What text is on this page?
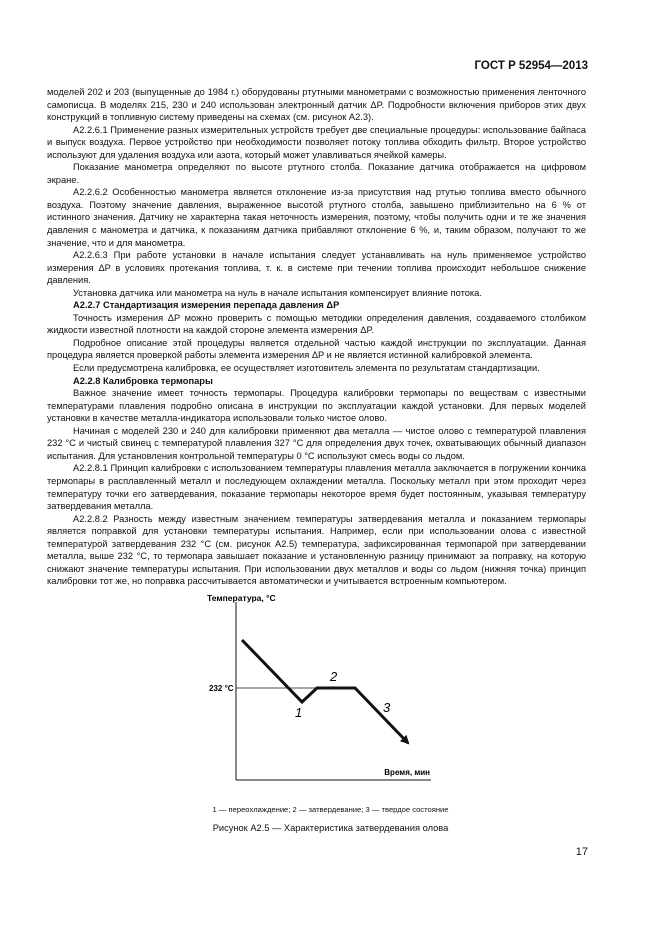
ГОСТ Р 52954—2013

моделей 202 и 203 (выпущенные до 1984 г.) оборудованы ртутными манометрами с возможностью применения ленточного самописца. В моделях 215, 230 и 240 использован электронный датчик ΔP. Подробности включения приборов этих двух конструкций в топливную систему приведены на схемах (см. рисунок А2.3).

А2.2.6.1 Применение разных измерительных устройств требует две специальные процедуры: использование байпаса и выпуск воздуха. Первое устройство при необходимости позволяет потоку топлива обходить фильтр. Второе устройство используют для удаления воздуха или азота, который может улавливаться ячейкой камеры.

Показание манометра определяют по высоте ртутного столба. Показание датчика отображается на цифровом экране.

А2.2.6.2 Особенностью манометра является отклонение из-за присутствия над ртутью топлива вместо обычного воздуха. Поэтому значение давления, выраженное высотой ртутного столба, завышено приблизительно на 6 % от истинного значения. Датчику не характерна такая неточность измерения, поэтому, чтобы получить одни и те же значения давления с манометра и датчика, к показаниям датчика прибавляют отклонение 6 %, и, таким образом, получают то же значение, что и для манометра.

А2.2.6.3 При работе установки в начале испытания следует устанавливать на нуль применяемое устройство измерения ΔP в условиях протекания топлива, т. к. в системе при течении топлива происходит небольшое снижение давления.

Установка датчика или манометра на нуль в начале испытания компенсирует влияние потока.

А2.2.7 Стандартизация измерения перепада давления ΔP

Точность измерения ΔP можно проверить с помощью методики определения давления, создаваемого столбиком жидкости известной плотности на каждой стороне элемента измерения ΔP.

Подробное описание этой процедуры является отдельной частью каждой инструкции по эксплуатации. Данная процедура является проверкой работы элемента измерения ΔP и не является истинной калибровкой элемента.

Если предусмотрена калибровка, ее осуществляет изготовитель элемента по результатам стандартизации.

А2.2.8 Калибровка термопары

Важное значение имеет точность термопары. Процедура калибровки термопары по веществам с известными температурами плавления подробно описана в инструкции по эксплуатации каждой установки. Для первых моделей установки в качестве металла-индикатора использовали только чистое олово.

Начиная с моделей 230 и 240 для калибровки применяют два металла — чистое олово с температурой плавления 232 °С и чистый свинец с температурой плавления 327 °С для определения двух точек, охватывающих обычный диапазон испытания. Для установления контрольной температуры 0 °С используют смесь воды со льдом.

А2.2.8.1 Принцип калибровки с использованием температуры плавления металла заключается в погружении кончика термопары в расплавленный металл и последующем охлаждении металла. Поскольку металл при этом проходит через температуру точки его затвердевания, показание термопары некоторое время будет постоянным, указывая температуру затвердевания металла.

А2.2.8.2 Разность между известным значением температуры затвердевания металла и показанием термопары является поправкой для установки температуры испытания. Например, если при использовании олова с известной температурой затвердевания 232 °С (см. рисунок А2.5) температура, зафиксированная термопарой при затвердевании металла, выше 232 °С, то термопара завышает показание и установленную разницу принимают за поправку, на которую снижают значение температуры испытания. При использовании двух металлов и воды со льдом (нижняя точка) принцип калибровки тот же, но поправка рассчитывается автоматически и учитывается встроенным компьютером.

Температура, °С
Время, мин
232 °С
1
2
3
1 — переохлаждение; 2 — затвердевание; 3 — твердое состояние
Рисунок А2.5 — Характеристика затвердевания олова
17
